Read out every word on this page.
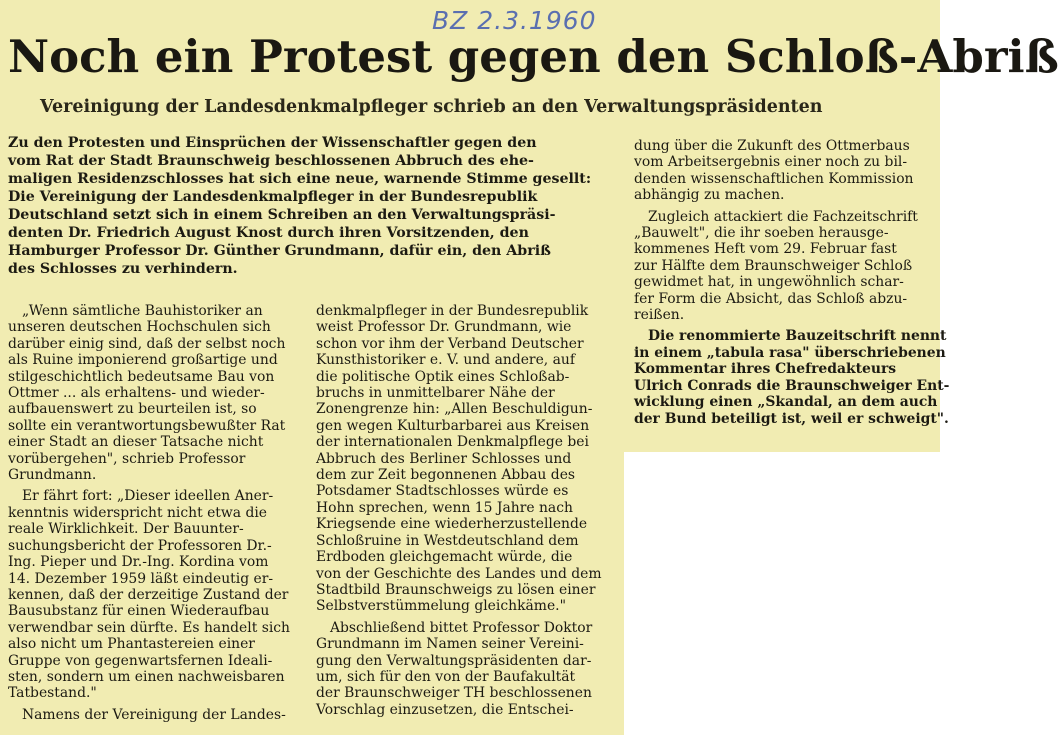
BZ 2.3.1960
Noch ein Protest gegen den Schloß-Abriß
Vereinigung der Landesdenkmalpfleger schrieb an den Verwaltungspräsidenten
Zu den Protesten und Einsprüchen der Wissenschaftler gegen den
vom Rat der Stadt Braunschweig beschlossenen Abbruch des ehe-
maligen Residenzschlosses hat sich eine neue, warnende Stimme gesellt:
Die Vereinigung der Landesdenkmalpfleger in der Bundesrepublik
Deutschland setzt sich in einem Schreiben an den Verwaltungspräsi-
denten Dr. Friedrich August Knost durch ihren Vorsitzenden, den
Hamburger Professor Dr. Günther Grundmann, dafür ein, den Abriß
des Schlosses zu verhindern.
„Wenn sämtliche Bauhistoriker an
unseren deutschen Hochschulen sich
darüber einig sind, daß der selbst noch
als Ruine imponierend großartige und
stilgeschichtlich bedeutsame Bau von
Ottmer ... als erhaltens- und wieder-
aufbauenswert zu beurteilen ist, so
sollte ein verantwortungsbewußter Rat
einer Stadt an dieser Tatsache nicht
vorübergehen", schrieb Professor
Grundmann.
Er fährt fort: „Dieser ideellen Aner-
kenntnis widerspricht nicht etwa die
reale Wirklichkeit. Der Bauunter-
suchungsbericht der Professoren Dr.-
Ing. Pieper und Dr.-Ing. Kordina vom
14. Dezember 1959 läßt eindeutig er-
kennen, daß der derzeitige Zustand der
Bausubstanz für einen Wiederaufbau
verwendbar sein dürfte. Es handelt sich
also nicht um Phantastereien einer
Gruppe von gegenwartsfernen Ideali-
sten, sondern um einen nachweisbaren
Tatbestand."
Namens der Vereinigung der Landes-
denkmalpfleger in der Bundesrepublik
weist Professor Dr. Grundmann, wie
schon vor ihm der Verband Deutscher
Kunsthistoriker e. V. und andere, auf
die politische Optik eines Schloßab-
bruchs in unmittelbarer Nähe der
Zonengrenze hin: „Allen Beschuldigun-
gen wegen Kulturbarbarei aus Kreisen
der internationalen Denkmalpflege bei
Abbruch des Berliner Schlosses und
dem zur Zeit begonnenen Abbau des
Potsdamer Stadtschlosses würde es
Hohn sprechen, wenn 15 Jahre nach
Kriegsende eine wiederherzustellende
Schloßruine in Westdeutschland dem
Erdboden gleichgemacht würde, die
von der Geschichte des Landes und dem
Stadtbild Braunschweigs zu lösen einer
Selbstverstümmelung gleichkäme."
Abschließend bittet Professor Doktor
Grundmann im Namen seiner Vereini-
gung den Verwaltungspräsidenten dar-
um, sich für den von der Baufakultät
der Braunschweiger TH beschlossenen
Vorschlag einzusetzen, die Entschei-
dung über die Zukunft des Ottmerbaus
vom Arbeitsergebnis einer noch zu bil-
denden wissenschaftlichen Kommission
abhängig zu machen.
Zugleich attackiert die Fachzeitschrift
„Bauwelt", die ihr soeben herausge-
kommenes Heft vom 29. Februar fast
zur Hälfte dem Braunschweiger Schloß
gewidmet hat, in ungewöhnlich schar-
fer Form die Absicht, das Schloß abzu-
reißen.
Die renommierte Bauzeitschrift nennt
in einem „tabula rasa" überschriebenen
Kommentar ihres Chefredakteurs
Ulrich Conrads die Braunschweiger Ent-
wicklung einen „Skandal, an dem auch
der Bund beteiligt ist, weil er schweigt".
